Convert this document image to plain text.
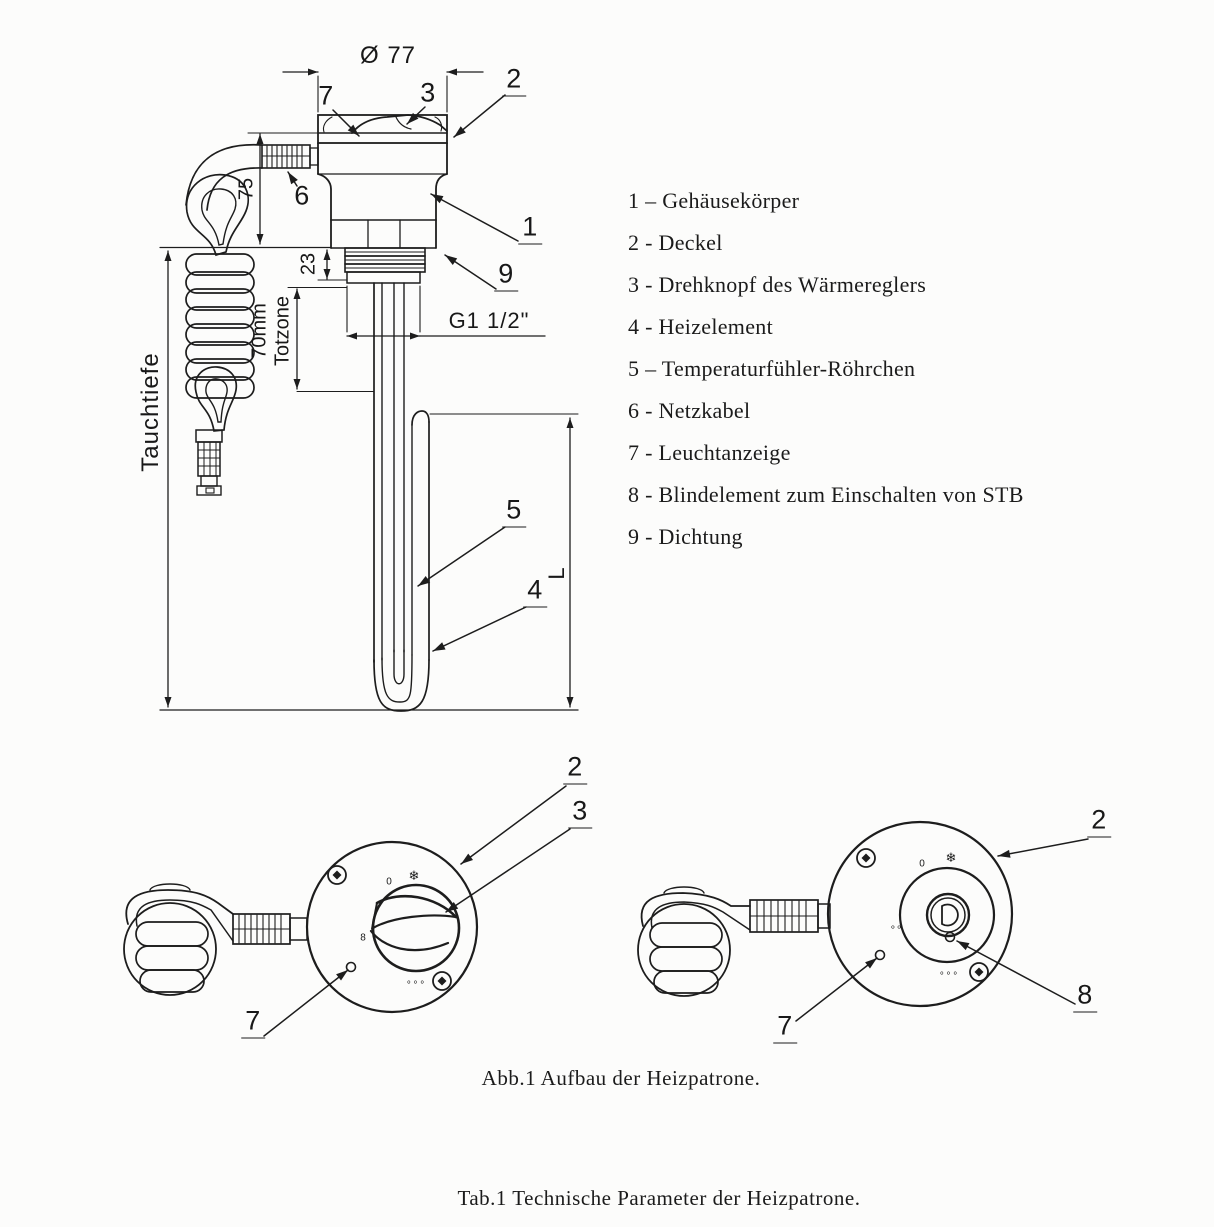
Ø 77
7	3	2
6
1
9
5
4
75
23
70mm Totzone
Tauchtiefe
G1 1/2"
L
1 – Gehäusekörper
2 - Deckel
3 - Drehknopf des Wärmereglers
4 - Heizelement
5 – Temperaturfühler-Röhrchen
6 - Netzkabel
7 - Leuchtanzeige
8 - Blindelement zum Einschalten von STB
9 - Dichtung
2
3
7
❄
0
8
∘∘∘
2
8
7
❄
0
∘∘
∘∘∘
Abb.1 Aufbau der Heizpatrone.
Tab.1 Technische Parameter der Heizpatrone.
